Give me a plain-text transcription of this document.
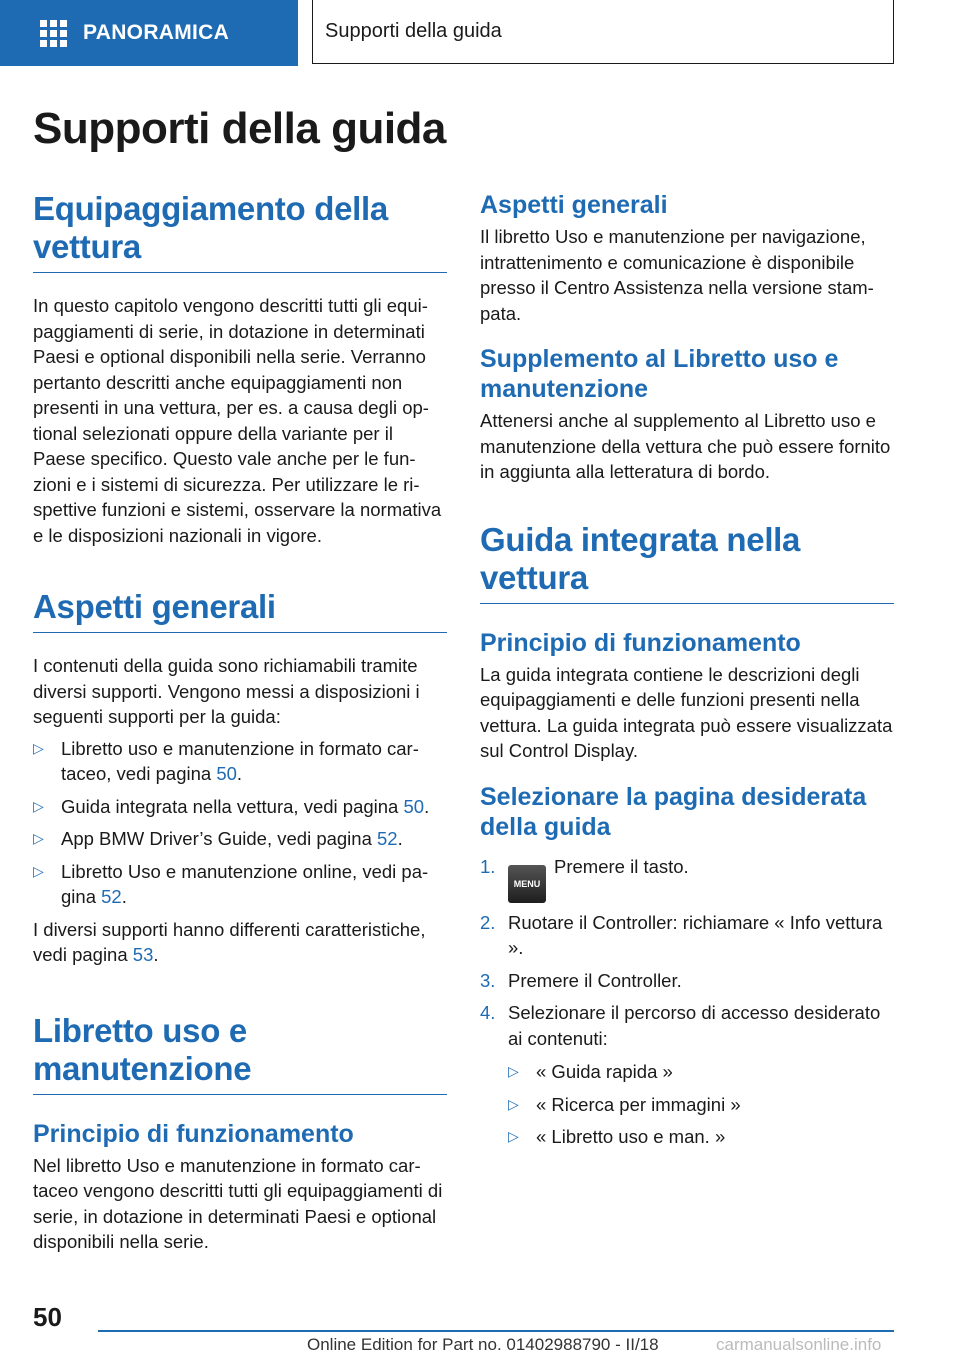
PANORAMICA	Supporti della guida
Supporti della guida
Equipaggiamento della vettura

In questo capitolo vengono descritti tutti gli equipaggiamenti di serie, in dotazione in determinati Paesi e optional disponibili nella serie. Verranno pertanto descritti anche equipaggiamenti non presenti in una vettura, per es. a causa degli optional selezionati oppure della variante per il Paese specifico. Questo vale anche per le funzioni e i sistemi di sicurezza. Per utilizzare le rispettive funzioni e sistemi, osservare la normativa e le disposizioni nazionali in vigore.

Aspetti generali

I contenuti della guida sono richiamabili tramite diversi supporti. Vengono messi a disposizioni i seguenti supporti per la guida:

▷ Libretto uso e manutenzione in formato cartaceo, vedi pagina 50.
▷ Guida integrata nella vettura, vedi pagina 50.
▷ App BMW Driver’s Guide, vedi pagina 52.
▷ Libretto Uso e manutenzione online, vedi pagina 52.

I diversi supporti hanno differenti caratteristiche, vedi pagina 53.

Libretto uso e manutenzione
Principio di funzionamento

Nel libretto Uso e manutenzione in formato cartaceo vengono descritti tutti gli equipaggiamenti di serie, in dotazione in determinati Paesi e optional disponibili nella serie.

Aspetti generali

Il libretto Uso e manutenzione per navigazione, intrattenimento e comunicazione è disponibile presso il Centro Assistenza nella versione stampata.

Supplemento al Libretto uso e manutenzione

Attenersi anche al supplemento al Libretto uso e manutenzione della vettura che può essere fornito in aggiunta alla letteratura di bordo.

Guida integrata nella vettura
Principio di funzionamento

La guida integrata contiene le descrizioni degli equipaggiamenti e delle funzioni presenti nella vettura. La guida integrata può essere visualizzata sul Control Display.

Selezionare la pagina desiderata della guida
1.
MENUPremere il tasto.
2. Ruotare il Controller: richiamare « Info vettura ».
3. Premere il Controller.
4. Selezionare il percorso di accesso desiderato ai contenuti:
▷ « Guida rapida »
▷ « Ricerca per immagini »
▷ « Libretto uso e man. »
50
Online Edition for Part no. 01402988790 - II/18	carmanualsonline.info
